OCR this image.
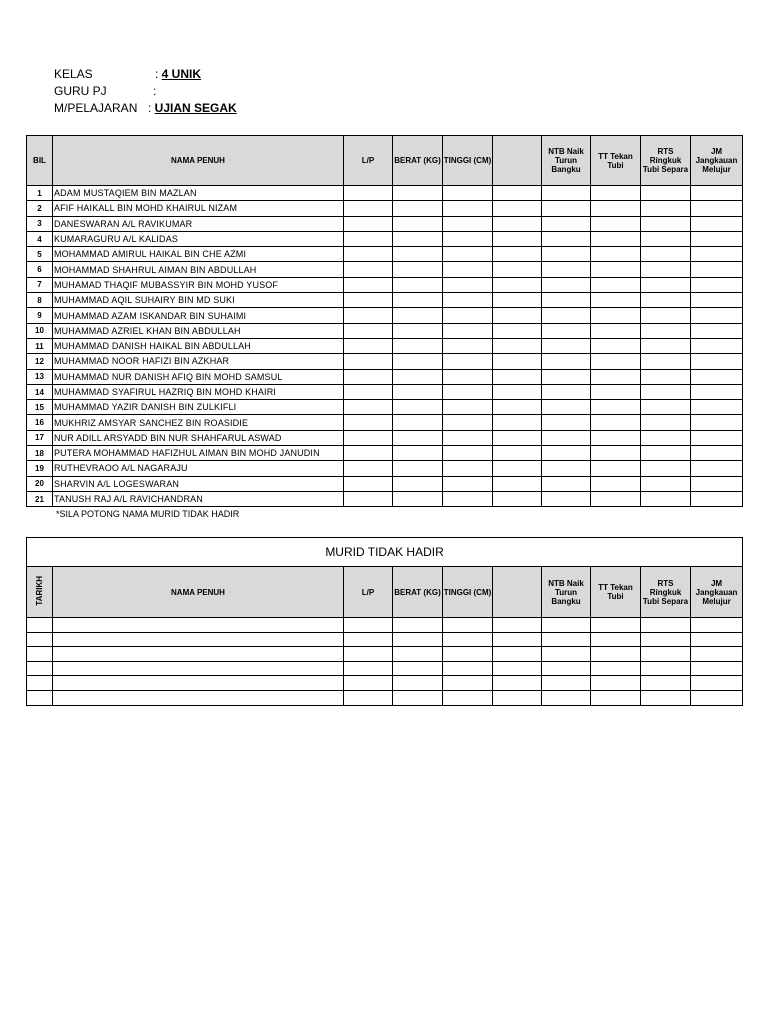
KELAS	: 4 UNIK
GURU PJ	:
M/PELAJARAN : UJIAN SEGAK
BIL	NAMA PENUH	L/P	BERAT (KG)	TINGGI (CM)		NTB Naik Turun Bangku	TT Tekan Tubi	RTS Ringkuk Tubi Separa	JM Jangkauan Melujur
1	ADAM MUSTAQIEM BIN MAZLAN								
2	AFIF HAIKALL BIN MOHD KHAIRUL NIZAM								
3	DANESWARAN A/L RAVIKUMAR								
4	KUMARAGURU A/L KALIDAS								
5	MOHAMMAD AMIRUL HAIKAL BIN CHE AZMI								
6	MOHAMMAD SHAHRUL AIMAN BIN ABDULLAH								
7	MUHAMAD THAQIF MUBASSYIR BIN MOHD YUSOF								
8	MUHAMMAD AQIL SUHAIRY BIN MD SUKI								
9	MUHAMMAD AZAM ISKANDAR BIN SUHAIMI								
10	MUHAMMAD AZRIEL KHAN BIN ABDULLAH								
11	MUHAMMAD DANISH HAIKAL BIN ABDULLAH								
12	MUHAMMAD NOOR HAFIZI BIN AZKHAR								
13	MUHAMMAD NUR DANISH AFIQ BIN MOHD SAMSUL								
14	MUHAMMAD SYAFIRUL HAZRIQ BIN MOHD KHAIRI								
15	MUHAMMAD YAZIR DANISH BIN ZULKIFLI								
16	MUKHRIZ AMSYAR SANCHEZ BIN ROASIDIE								
17	NUR ADILL ARSYADD BIN NUR SHAHFARUL ASWAD								
18	PUTERA MOHAMMAD HAFIZHUL AIMAN BIN MOHD JANUDIN								
19	RUTHEVRAOO A/L NAGARAJU								
20	SHARVIN A/L LOGESWARAN								
21	TANUSH RAJ A/L RAVICHANDRAN								
*SILA POTONG NAMA MURID TIDAK HADIR
MURID TIDAK HADIR									
TARIKH	NAMA PENUH	L/P	BERAT (KG)	TINGGI (CM)		NTB Naik Turun Bangku	TT Tekan Tubi	RTS Ringkuk Tubi Separa	JM Jangkauan Melujur
